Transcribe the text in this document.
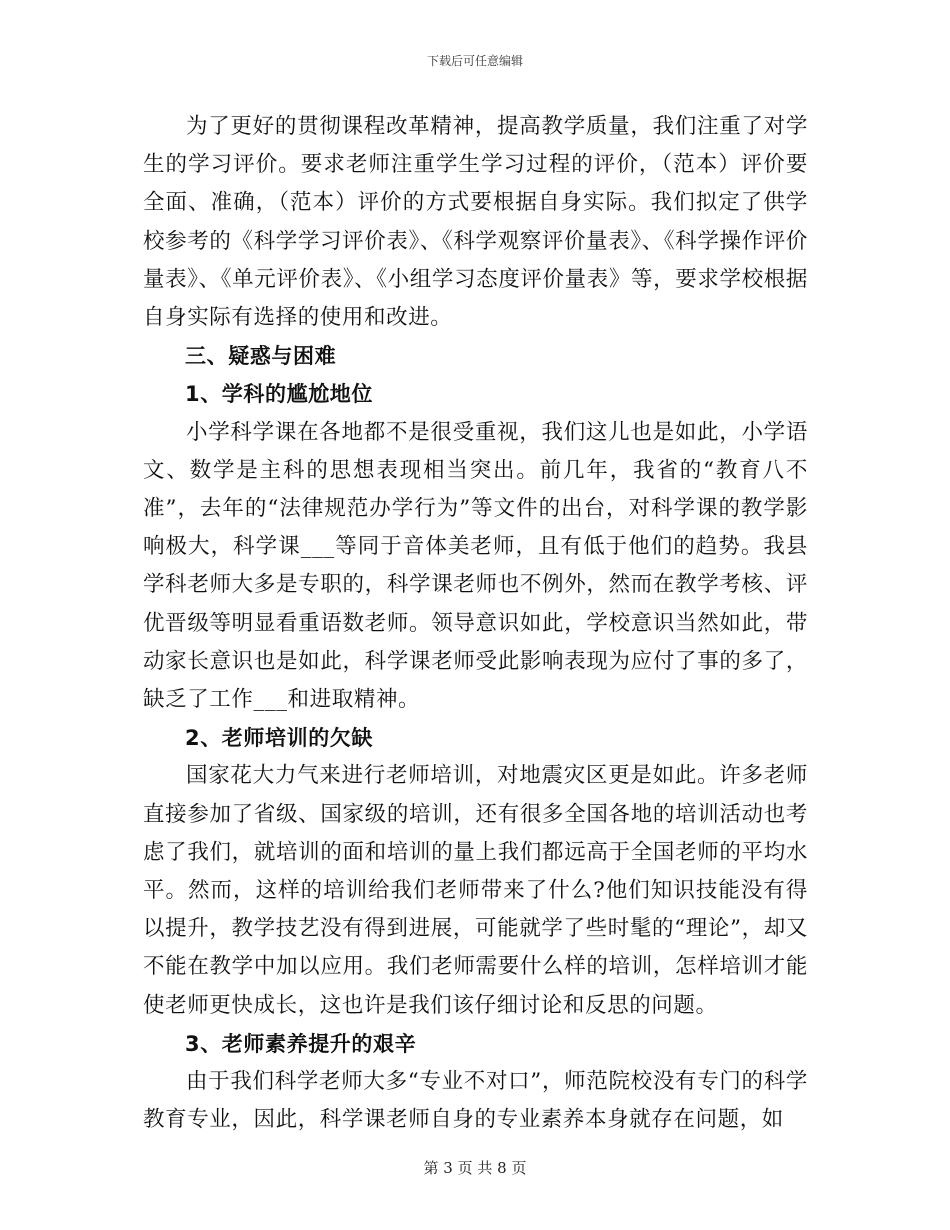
下载后可任意编辑

为了更好的贯彻课程改革精神，提高教学质量，我们注重了对学生的学习评价。要求老师注重学生学习过程的评价，（范本）评价要全面、准确，（范本）评价的方式要根据自身实际。我们拟定了供学校参考的《科学学习评价表》、《科学观察评价量表》、《科学操作评价量表》、《单元评价表》、《小组学习态度评价量表》等，要求学校根据自身实际有选择的使用和改进。

三、疑惑与困难

1、学科的尴尬地位

小学科学课在各地都不是很受重视，我们这儿也是如此，小学语文、数学是主科的思想表现相当突出。前几年，我省的“教育八不准”，去年的“法律规范办学行为”等文件的出台，对科学课的教学影响极大，科学课___等同于音体美老师，且有低于他们的趋势。我县学科老师大多是专职的，科学课老师也不例外，然而在教学考核、评优晋级等明显看重语数老师。领导意识如此，学校意识当然如此，带动家长意识也是如此，科学课老师受此影响表现为应付了事的多了，缺乏了工作___和进取精神。

2、老师培训的欠缺

国家花大力气来进行老师培训，对地震灾区更是如此。许多老师直接参加了省级、国家级的培训，还有很多全国各地的培训活动也考虑了我们，就培训的面和培训的量上我们都远高于全国老师的平均水平。然而，这样的培训给我们老师带来了什么?他们知识技能没有得以提升，教学技艺没有得到进展，可能就学了些时髦的“理论”，却又不能在教学中加以应用。我们老师需要什么样的培训，怎样培训才能使老师更快成长，这也许是我们该仔细讨论和反思的问题。

3、老师素养提升的艰辛

由于我们科学老师大多“专业不对口”，师范院校没有专门的科学教育专业，因此，科学课老师自身的专业素养本身就存在问题，如

第 3 页 共 8 页
